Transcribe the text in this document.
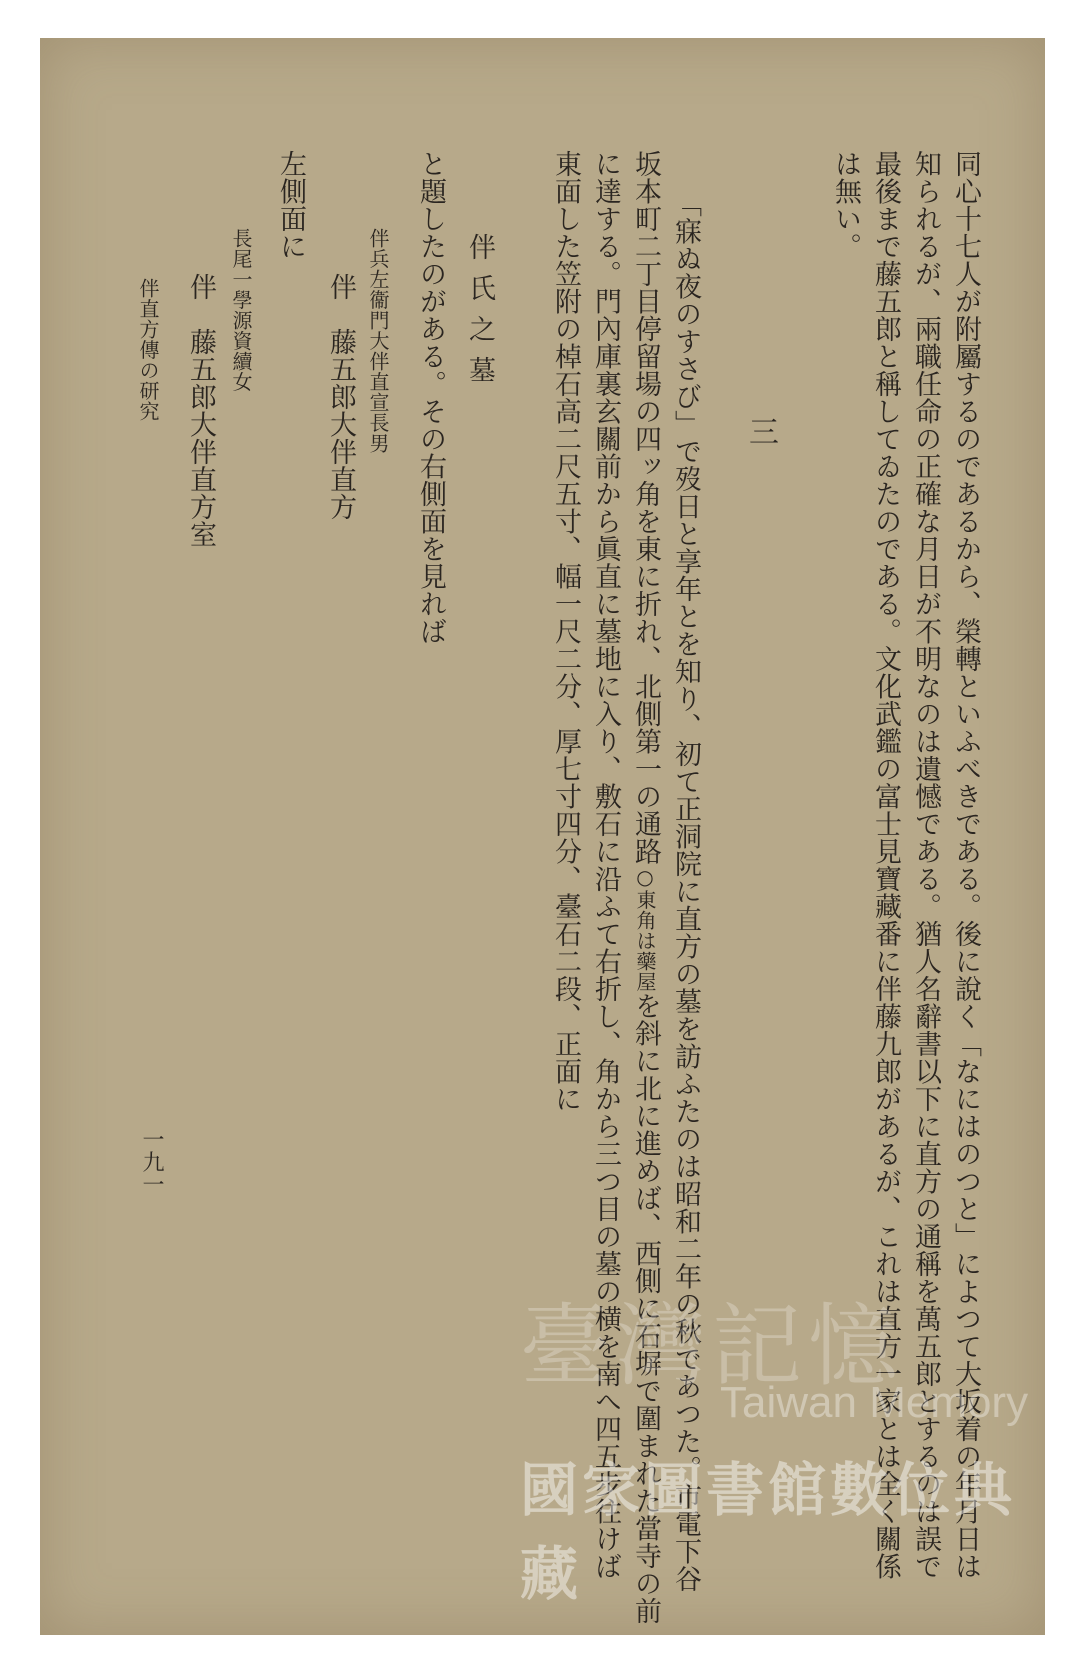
同心十七人が附屬するのであるから、榮轉といふべきである。後に說く「なにはのつと」によつて大坂着の年月日は
知られるが、兩職任命の正確な月日が不明なのは遺憾である。猶人名辭書以下に直方の通稱を萬五郎とするのは誤で
最後まで藤五郎と稱してゐたのである。文化武鑑の富士見寶藏番に伴藤九郎があるが、これは直方一家とは全く關係
は無い。
三
「寐ぬ夜のすさび」で歿日と享年とを知り、初て正洞院に直方の墓を訪ふたのは昭和二年の秋であつた。市電下谷
坂本町二丁目停留場の四ッ角を東に折れ、北側第一の通路○東角は藥屋を斜に北に進めば、西側に石塀で圍まれた當寺の前
に達する。門內庫裏玄關前から眞直に墓地に入り、敷石に沿ふて右折し、角から三つ目の墓の横を南へ四五步往けば
東面した笠附の棹石高二尺五寸、幅一尺二分、厚七寸四分、臺石二段、正面に
伴氏之墓
と題したのがある。その右側面を見れば
伴兵左衞門大伴直宣長男
伴　藤五郎大伴直方
左側面に
長尾一學源資續女
伴　藤五郎大伴直方室
伴直方傳の研究
一九一
臺灣記憶
Taiwan Memory
國家圖書館數位典藏
